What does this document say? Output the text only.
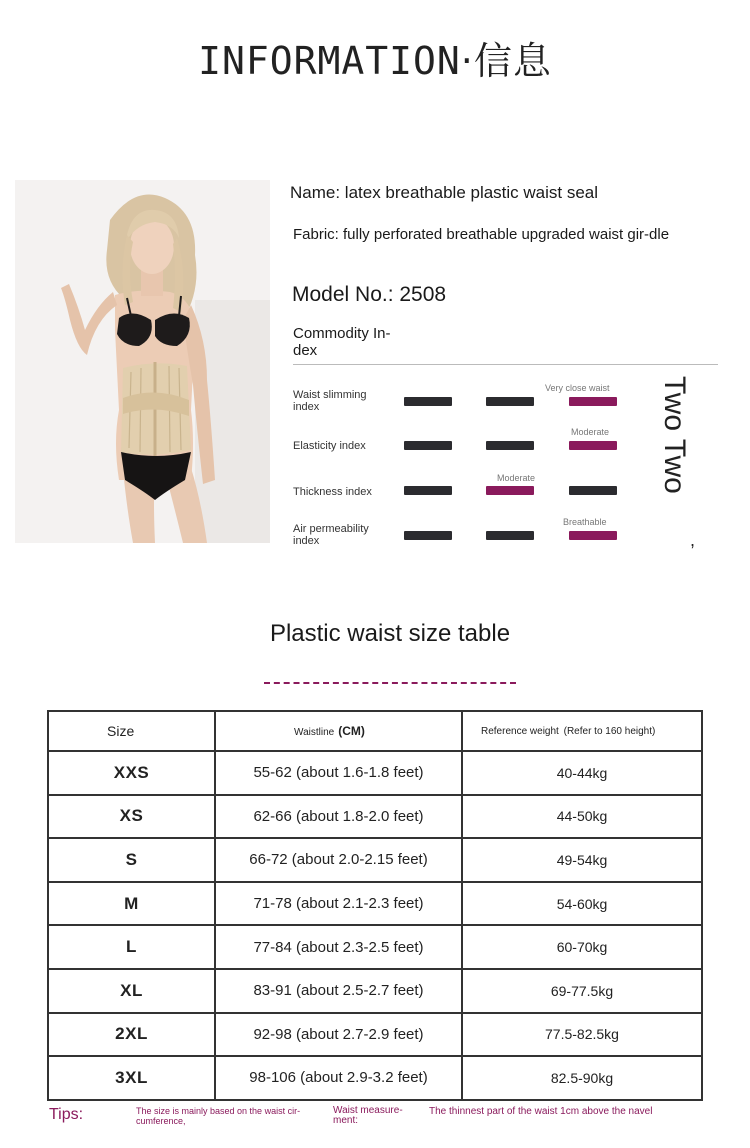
INFORMATION·信息
Name: latex breathable plastic waist seal
Fabric: fully perforated breathable upgraded waist gir-dle
Model No.: 2508
Commodity In-dex
Waist slimming index
Very close waist
Elasticity index
Moderate
Thickness index
Moderate
Air permeability index
Breathable
Two Two
,
Plastic waist size table
Size	Waistline (CM)	Reference weight (Refer to 160 height)
XXS	55-62 (about 1.6-1.8 feet)	40-44kg
XS	62-66 (about 1.8-2.0 feet)	44-50kg
S	66-72 (about 2.0-2.15 feet)	49-54kg
M	71-78 (about 2.1-2.3 feet)	54-60kg
L	77-84 (about 2.3-2.5 feet)	60-70kg
XL	83-91 (about 2.5-2.7 feet)	69-77.5kg
2XL	92-98 (about 2.7-2.9 feet)	77.5-82.5kg
3XL	98-106 (about 2.9-3.2 feet)	82.5-90kg
Tips:	The size is mainly based on the waist cir-cumference,
Waist measure-ment:
The thinnest part of the waist 1cm above the navel
